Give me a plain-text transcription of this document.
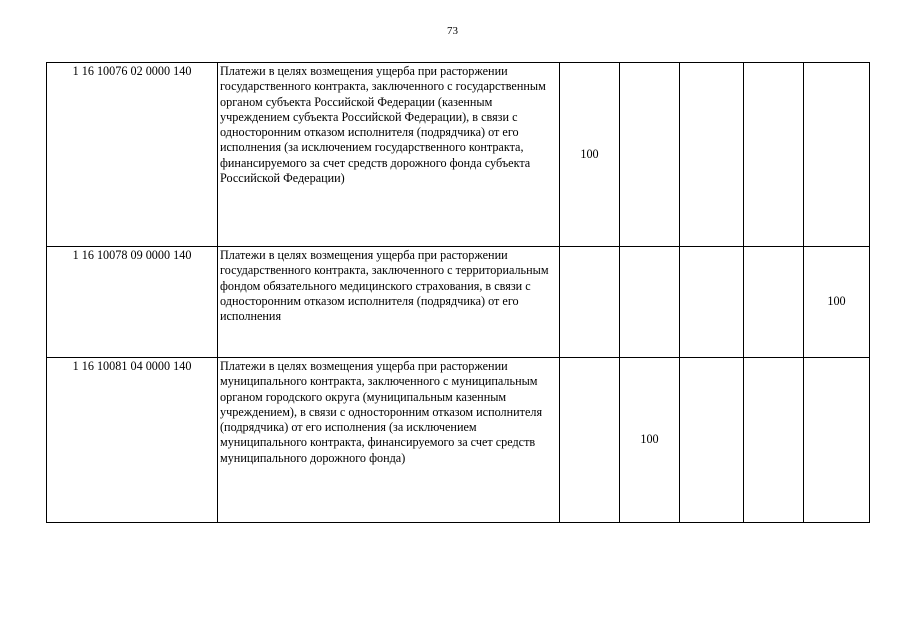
73
1 16 10076 02 0000 140	Платежи в целях возмещения ущерба при расторжении государственного контракта, заключенного с государственным органом субъекта Российской Федерации (казенным учреждением субъекта Российской Федерации), в связи с односторонним отказом исполнителя (подрядчика) от его исполнения (за исключением государственного контракта, финансируемого за счет средств дорожного фонда субъекта Российской Федерации)	100				
1 16 10078 09 0000 140	Платежи в целях возмещения ущерба при расторжении государственного контракта, заключенного с территориальным фондом обязательного медицинского страхования, в связи с односторонним отказом исполнителя (подрядчика) от его исполнения					100
1 16 10081 04 0000 140	Платежи в целях возмещения ущерба при расторжении муниципального контракта, заключенного с муниципальным органом городского округа (муниципальным казенным учреждением), в связи с односторонним отказом исполнителя (подрядчика) от его исполнения (за исключением муниципального контракта, финансируемого за счет средств муниципального дорожного фонда)		100			
